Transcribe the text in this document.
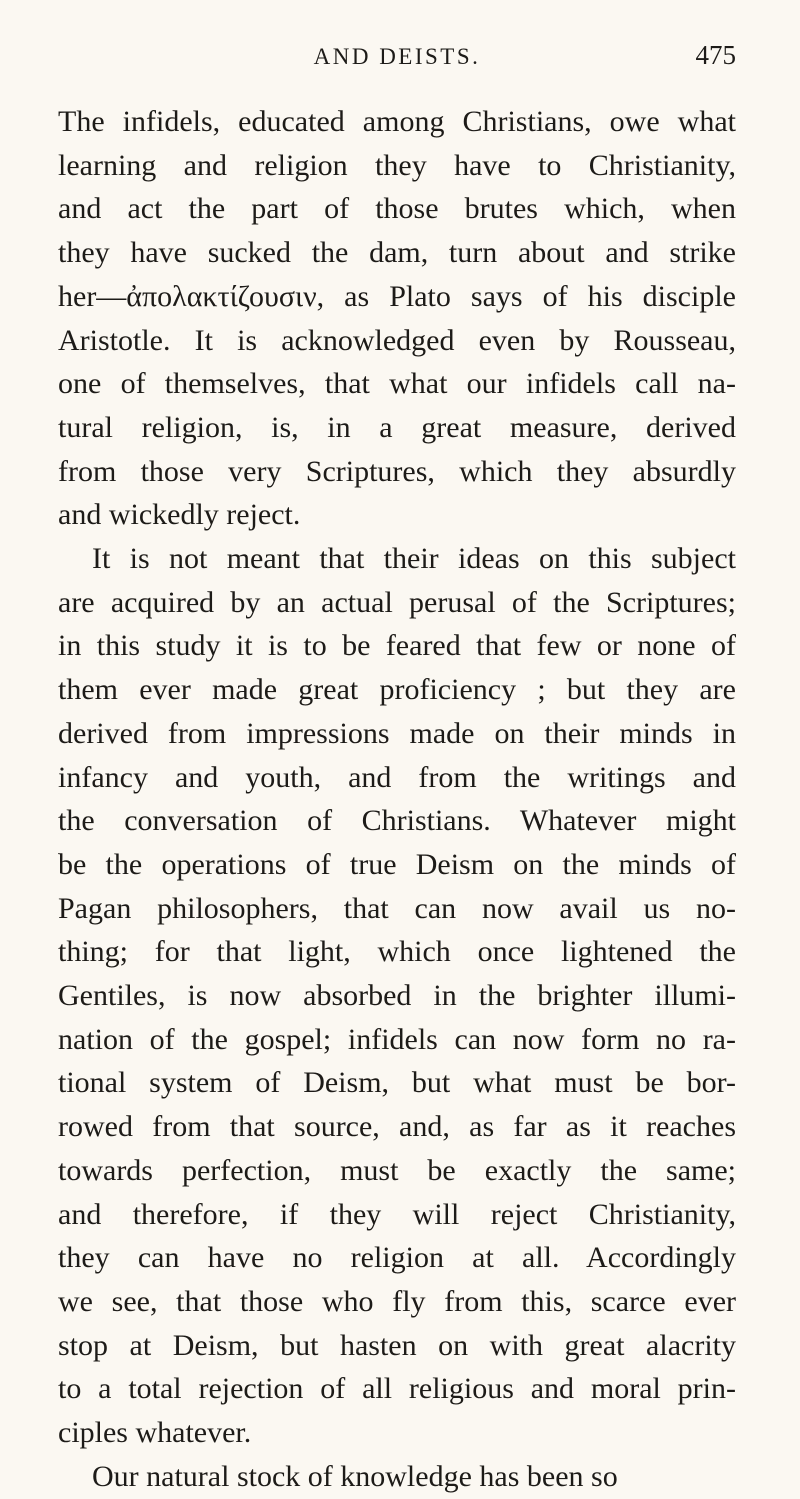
AND DEISTS.	475
The infidels, educated among Christians, owe what
learning and religion they have to Christianity,
and act the part of those brutes which, when
they have sucked the dam, turn about and strike
her—ἀπολακτίζουσιν, as Plato says of his disciple
Aristotle. It is acknowledged even by Rousseau,
one of themselves, that what our infidels call na-
tural religion, is, in a great measure, derived
from those very Scriptures, which they absurdly
and wickedly reject.
It is not meant that their ideas on this subject
are acquired by an actual perusal of the Scriptures;
in this study it is to be feared that few or none of
them ever made great proficiency ; but they are
derived from impressions made on their minds in
infancy and youth, and from the writings and
the conversation of Christians. Whatever might
be the operations of true Deism on the minds of
Pagan philosophers, that can now avail us no-
thing; for that light, which once lightened the
Gentiles, is now absorbed in the brighter illumi-
nation of the gospel; infidels can now form no ra-
tional system of Deism, but what must be bor-
rowed from that source, and, as far as it reaches
towards perfection, must be exactly the same;
and therefore, if they will reject Christianity,
they can have no religion at all. Accordingly
we see, that those who fly from this, scarce ever
stop at Deism, but hasten on with great alacrity
to a total rejection of all religious and moral prin-
ciples whatever.
Our natural stock of knowledge has been so
